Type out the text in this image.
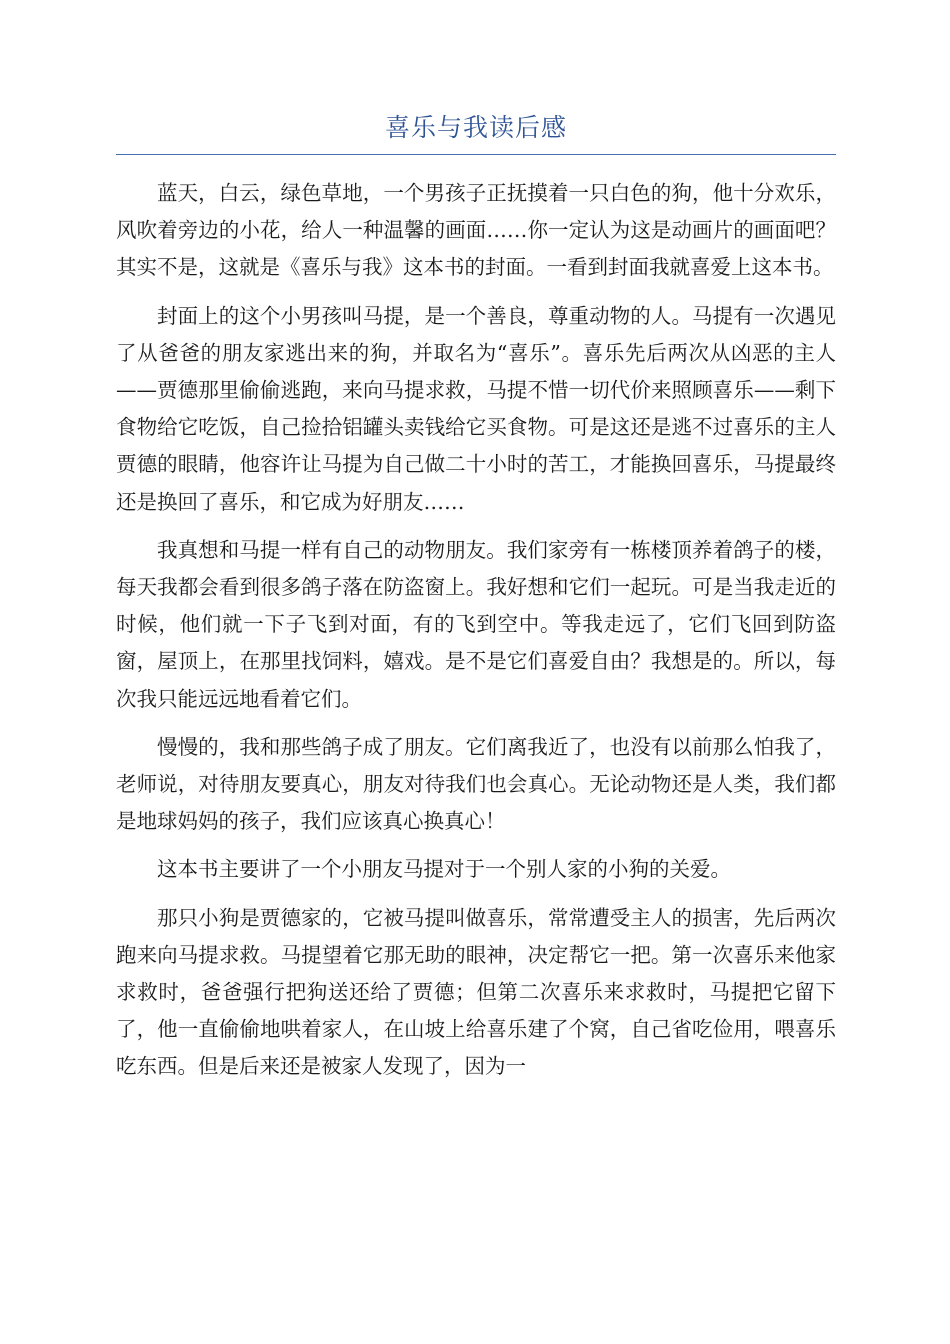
喜乐与我读后感

蓝天，白云，绿色草地，一个男孩子正抚摸着一只白色的狗，他十分欢乐，风吹着旁边的小花，给人一种温馨的画面……你一定认为这是动画片的画面吧？其实不是，这就是《喜乐与我》这本书的封面。一看到封面我就喜爱上这本书。

封面上的这个小男孩叫马提，是一个善良，尊重动物的人。马提有一次遇见了从爸爸的朋友家逃出来的狗，并取名为“喜乐”。喜乐先后两次从凶恶的主人——贾德那里偷偷逃跑，来向马提求救，马提不惜一切代价来照顾喜乐——剩下食物给它吃饭，自己捡拾铝罐头卖钱给它买食物。可是这还是逃不过喜乐的主人贾德的眼睛，他容许让马提为自己做二十小时的苦工，才能换回喜乐，马提最终还是换回了喜乐，和它成为好朋友……

我真想和马提一样有自己的动物朋友。我们家旁有一栋楼顶养着鸽子的楼，每天我都会看到很多鸽子落在防盗窗上。我好想和它们一起玩。可是当我走近的时候，他们就一下子飞到对面，有的飞到空中。等我走远了，它们飞回到防盗窗，屋顶上，在那里找饲料，嬉戏。是不是它们喜爱自由？我想是的。所以，每次我只能远远地看着它们。

慢慢的，我和那些鸽子成了朋友。它们离我近了，也没有以前那么怕我了，老师说，对待朋友要真心，朋友对待我们也会真心。无论动物还是人类，我们都是地球妈妈的孩子，我们应该真心换真心！

这本书主要讲了一个小朋友马提对于一个别人家的小狗的关爱。

那只小狗是贾德家的，它被马提叫做喜乐，常常遭受主人的损害，先后两次跑来向马提求救。马提望着它那无助的眼神，决定帮它一把。第一次喜乐来他家求救时，爸爸强行把狗送还给了贾德；但第二次喜乐来求救时，马提把它留下了，他一直偷偷地哄着家人，在山坡上给喜乐建了个窝，自己省吃俭用，喂喜乐吃东西。但是后来还是被家人发现了，因为一
